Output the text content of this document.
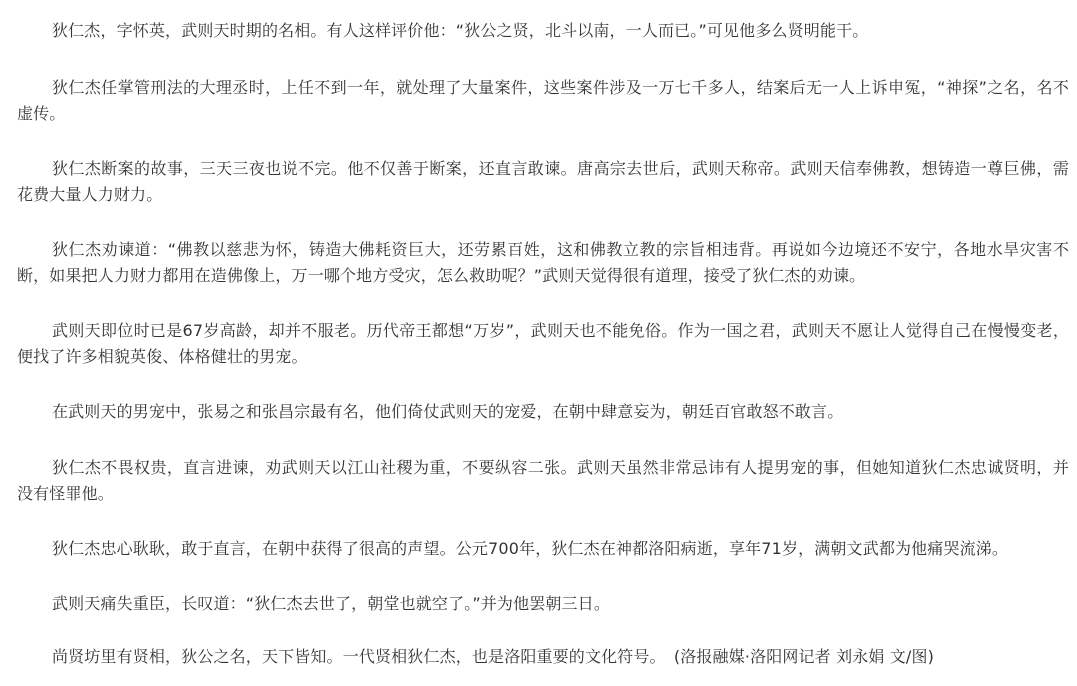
狄仁杰，字怀英，武则天时期的名相。有人这样评价他：“狄公之贤，北斗以南，一人而已。”可见他多么贤明能干。

狄仁杰任掌管刑法的大理丞时，上任不到一年，就处理了大量案件，这些案件涉及一万七千多人，结案后无一人上诉申冤，“神探”之名，名不虚传。

狄仁杰断案的故事，三天三夜也说不完。他不仅善于断案，还直言敢谏。唐高宗去世后，武则天称帝。武则天信奉佛教，想铸造一尊巨佛，需花费大量人力财力。

狄仁杰劝谏道：“佛教以慈悲为怀，铸造大佛耗资巨大，还劳累百姓，这和佛教立教的宗旨相违背。再说如今边境还不安宁，各地水旱灾害不断，如果把人力财力都用在造佛像上，万一哪个地方受灾，怎么救助呢？”武则天觉得很有道理，接受了狄仁杰的劝谏。

武则天即位时已是67岁高龄，却并不服老。历代帝王都想“万岁”，武则天也不能免俗。作为一国之君，武则天不愿让人觉得自己在慢慢变老，便找了许多相貌英俊、体格健壮的男宠。

在武则天的男宠中，张易之和张昌宗最有名，他们倚仗武则天的宠爱，在朝中肆意妄为，朝廷百官敢怒不敢言。

狄仁杰不畏权贵，直言进谏，劝武则天以江山社稷为重，不要纵容二张。武则天虽然非常忌讳有人提男宠的事，但她知道狄仁杰忠诚贤明，并没有怪罪他。

狄仁杰忠心耿耿，敢于直言，在朝中获得了很高的声望。公元700年，狄仁杰在神都洛阳病逝，享年71岁，满朝文武都为他痛哭流涕。

武则天痛失重臣，长叹道：“狄仁杰去世了，朝堂也就空了。”并为他罢朝三日。

尚贤坊里有贤相，狄公之名，天下皆知。一代贤相狄仁杰，也是洛阳重要的文化符号。　(洛报融媒·洛阳网记者 刘永娟 文/图)
